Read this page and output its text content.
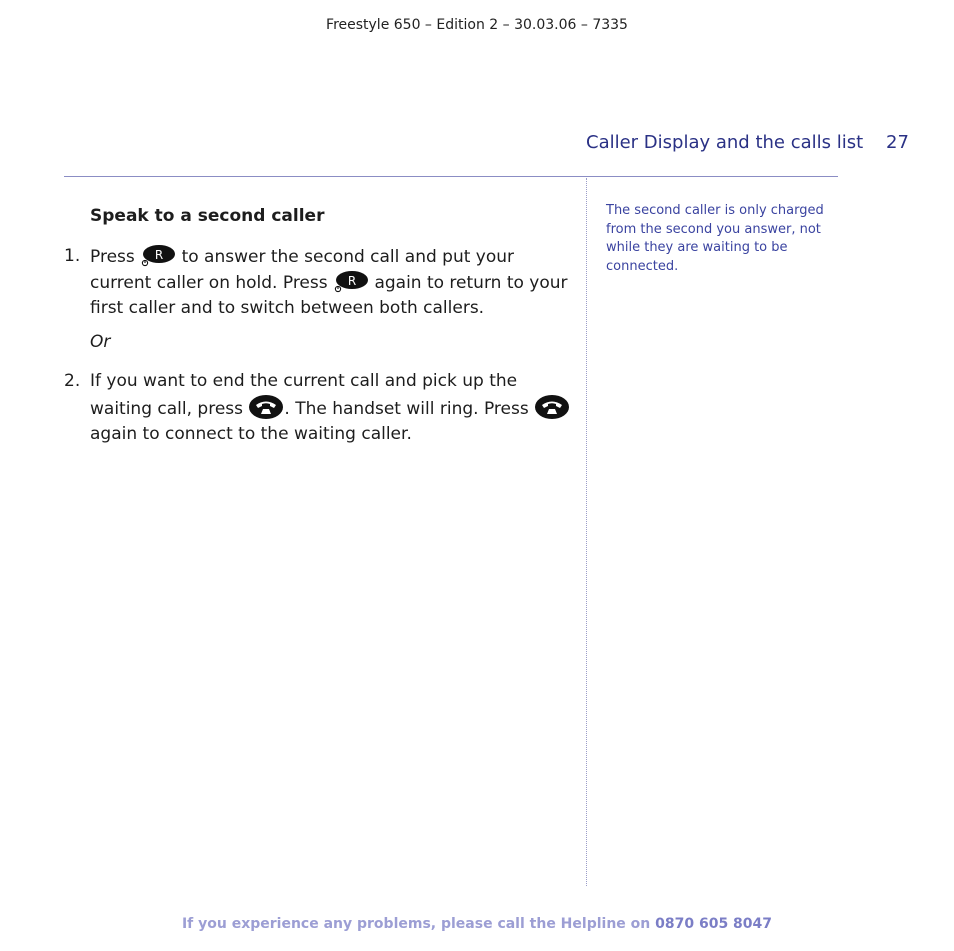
Freestyle 650 – Edition 2 – 30.03.06 – 7335
Caller Display and the calls list 27
Speak to a second caller
1. Press R to answer the second call and put your current caller on hold. Press R again to return to your first caller and to switch between both callers.
Or
2. If you want to end the current call and pick up the waiting call, press . The handset will ring. Press  again to connect to the waiting caller.
The second caller is only charged from the second you answer, not while they are waiting to be connected.
If you experience any problems, please call the Helpline on 0870 605 8047
